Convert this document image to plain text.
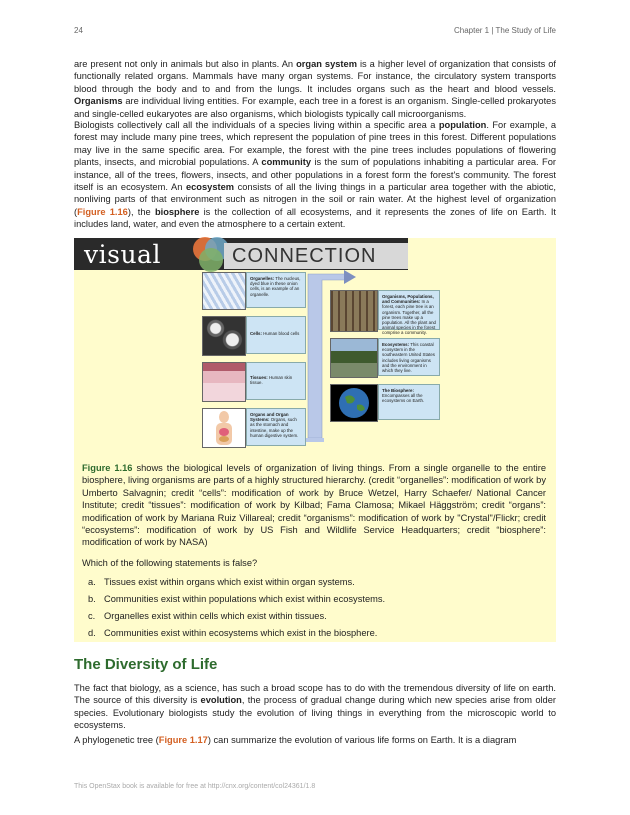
24	Chapter 1 | The Study of Life

are present not only in animals but also in plants. An organ system is a higher level of organization that consists of functionally related organs. Mammals have many organ systems. For instance, the circulatory system transports blood through the body and to and from the lungs. It includes organs such as the heart and blood vessels. Organisms are individual living entities. For example, each tree in a forest is an organism. Single-celled prokaryotes and single-celled eukaryotes are also organisms, which biologists typically call microorganisms.

Biologists collectively call all the individuals of a species living within a specific area a population. For example, a forest may include many pine trees, which represent the population of pine trees in this forest. Different populations may live in the same specific area. For example, the forest with the pine trees includes populations of flowering plants, insects, and microbial populations. A community is the sum of populations inhabiting a particular area. For instance, all of the trees, flowers, insects, and other populations in a forest form the forest's community. The forest itself is an ecosystem. An ecosystem consists of all the living things in a particular area together with the abiotic, nonliving parts of that environment such as nitrogen in the soil or rain water. At the highest level of organization (Figure 1.16), the biosphere is the collection of all ecosystems, and it represents the zones of life on Earth. It includes land, water, and even the atmosphere to a certain extent.

visual	CONNECTION
Organelles: The nucleus, dyed blue in these onion cells, is an example of an organelle.
Cells: Human blood cells
Tissues: Human skin tissue.
Organs and Organ Systems: Organs, such as the stomach and intestine, make up the human digestive system.
Organisms, Populations, and Communities: In a forest, each pine tree is an organism. Together, all the pine trees make up a population. All the plant and animal species in the forest comprise a community.
Ecosystems: This coastal ecosystem in the southeastern United States includes living organisms and the environment in which they live.
The Biosphere: Encompasses all the ecosystems on Earth.
Figure 1.16 shows the biological levels of organization of living things. From a single organelle to the entire biosphere, living organisms are parts of a highly structured hierarchy. (credit “organelles”: modification of work by Umberto Salvagnin; credit “cells”: modification of work by Bruce Wetzel, Harry Schaefer/ National Cancer Institute; credit “tissues”: modification of work by Kilbad; Fama Clamosa; Mikael Häggström; credit “organs”: modification of work by Mariana Ruiz Villareal; credit “organisms”: modification of work by "Crystal"/Flickr; credit “ecosystems”: modification of work by US Fish and Wildlife Service Headquarters; credit “biosphere”: modification of work by NASA)
Which of the following statements is false?
a. Tissues exist within organs which exist within organ systems.
b. Communities exist within populations which exist within ecosystems.
c. Organelles exist within cells which exist within tissues.
d. Communities exist within ecosystems which exist in the biosphere.
The Diversity of Life

The fact that biology, as a science, has such a broad scope has to do with the tremendous diversity of life on earth. The source of this diversity is evolution, the process of gradual change during which new species arise from older species. Evolutionary biologists study the evolution of living things in everything from the microscopic world to ecosystems.

A phylogenetic tree (Figure 1.17) can summarize the evolution of various life forms on Earth. It is a diagram

This OpenStax book is available for free at http://cnx.org/content/col24361/1.8
